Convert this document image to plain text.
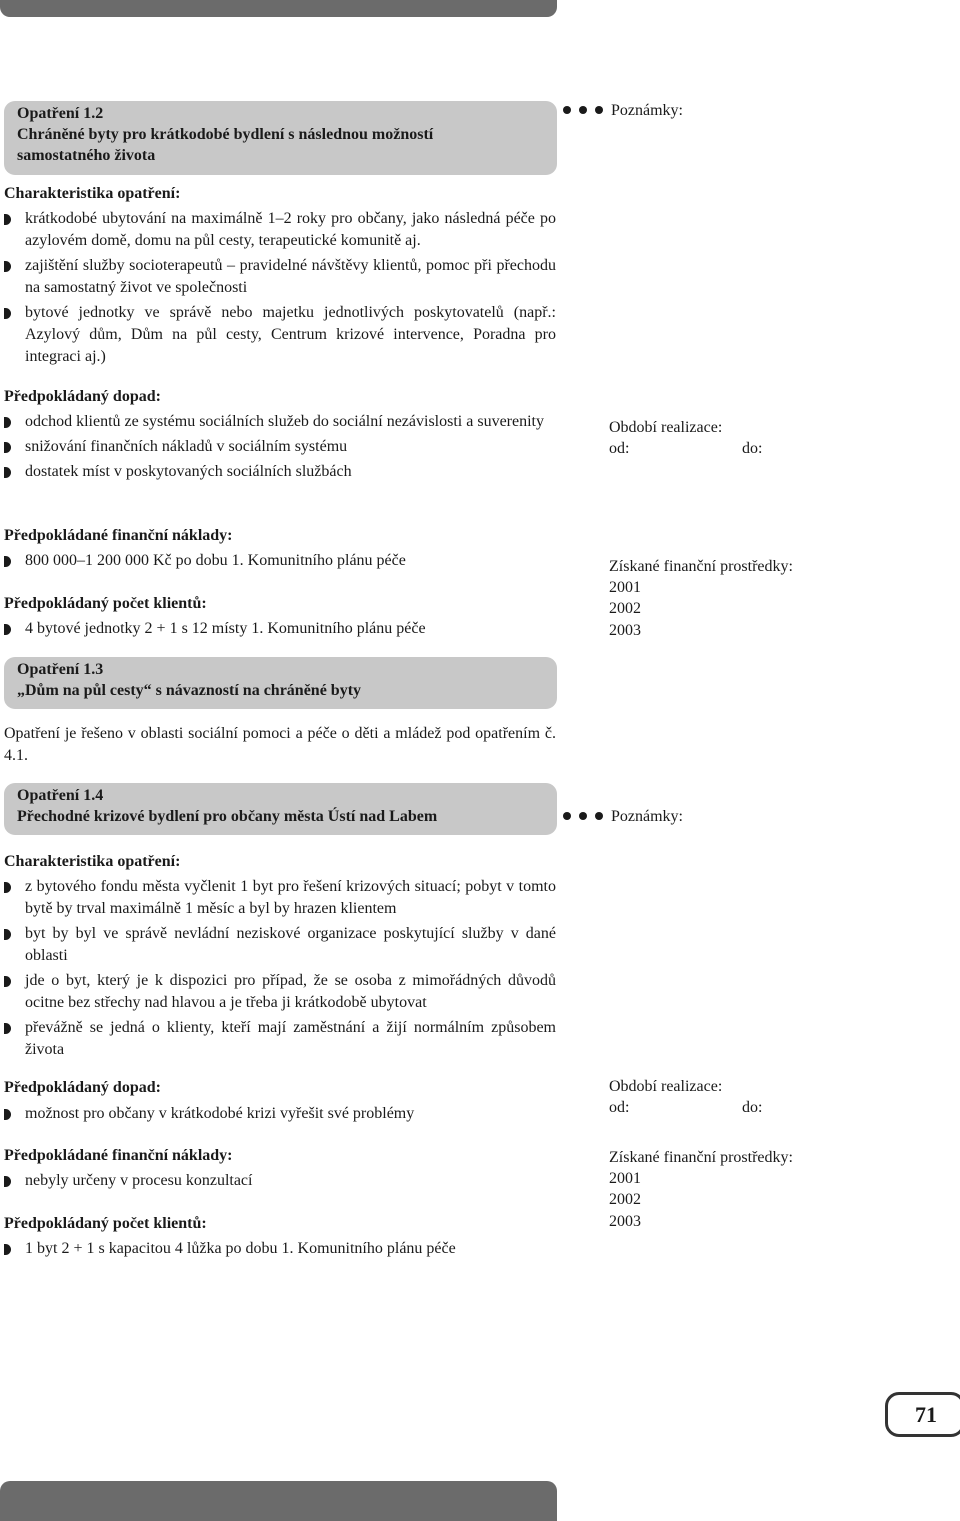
Opatření 1.2
Chráněné byty pro krátkodobé bydlení s následnou možností
samostatného života
Poznámky:
Charakteristika opatření:
krátkodobé ubytování na maximálně 1–2 roky pro občany, jako následná péče po azylovém domě, domu na půl cesty, terapeutické komunitě aj.
zajištění služby socioterapeutů – pravidelné návštěvy klientů, pomoc při přechodu na samostatný život ve společnosti
bytové jednotky ve správě nebo majetku jednotlivých poskytovatelů (např.: Azylový dům, Dům na půl cesty, Centrum krizové intervence, Poradna pro integraci aj.)
Předpokládaný dopad:
odchod klientů ze systému sociálních služeb do sociální nezávislosti a suverenity
snižování finančních nákladů v sociálním systému
dostatek míst v poskytovaných sociálních službách
Předpokládané finanční náklady:
800 000–1 200 000 Kč po dobu 1. Komunitního plánu péče
Předpokládaný počet klientů:
4 bytové jednotky 2 + 1 s 12 místy 1. Komunitního plánu péče
Období realizace:
od:	do:
Získané finanční prostředky:
2001
2002
2003
Opatření 1.3
„Dům na půl cesty“ s návazností na chráněné byty
Opatření je řešeno v oblasti sociální pomoci a péče o děti a mládež pod opatřením č. 4.1.
Opatření 1.4
Přechodné krizové bydlení pro občany města Ústí nad Labem	Poznámky:
Charakteristika opatření:
z bytového fondu města vyčlenit 1 byt pro řešení krizových situací; pobyt v tomto bytě by trval maximálně 1 měsíc a byl by hrazen klientem
byt by byl ve správě nevládní neziskové organizace poskytující služby v dané oblasti
jde o byt, který je k dispozici pro případ, že se osoba z mimořádných důvodů ocitne bez střechy nad hlavou a je třeba ji krátkodobě ubytovat
převážně se jedná o klienty, kteří mají zaměstnání a žijí normálním způsobem života
Předpokládaný dopad:
možnost pro občany v krátkodobé krizi vyřešit své problémy
Předpokládané finanční náklady:
nebyly určeny v procesu konzultací
Předpokládaný počet klientů:
1 byt 2 + 1 s kapacitou 4 lůžka po dobu 1. Komunitního plánu péče
Období realizace:
od:	do:
Získané finanční prostředky:
2001
2002
2003
71
